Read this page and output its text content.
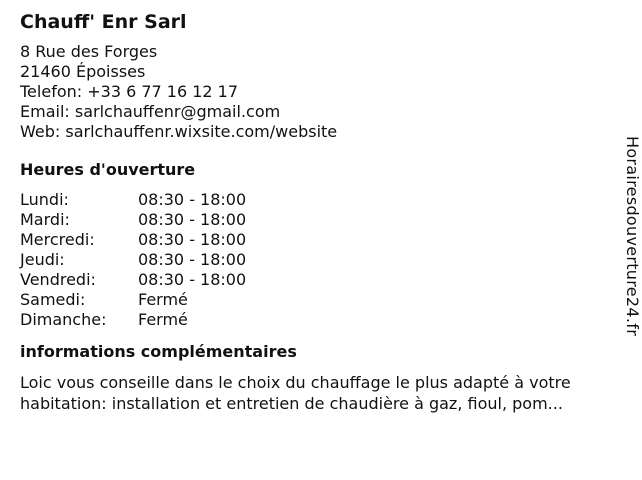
Chauff' Enr Sarl
8 Rue des Forges
21460 Époisses
Telefon: +33 6 77 16 12 17
Email: sarlchauffenr@gmail.com
Web: sarlchauffenr.wixsite.com/website
Heures d'ouverture
Lundi:	08:30 - 18:00
Mardi:	08:30 - 18:00
Mercredi:	08:30 - 18:00
Jeudi:	08:30 - 18:00
Vendredi:	08:30 - 18:00
Samedi:	Fermé
Dimanche:	Fermé
informations complémentaires
Loic vous conseille dans le choix du chauffage le plus adapté à votre habitation: installation et entretien de chaudière à gaz, fioul, pom...
Horairesdouverture24.fr
